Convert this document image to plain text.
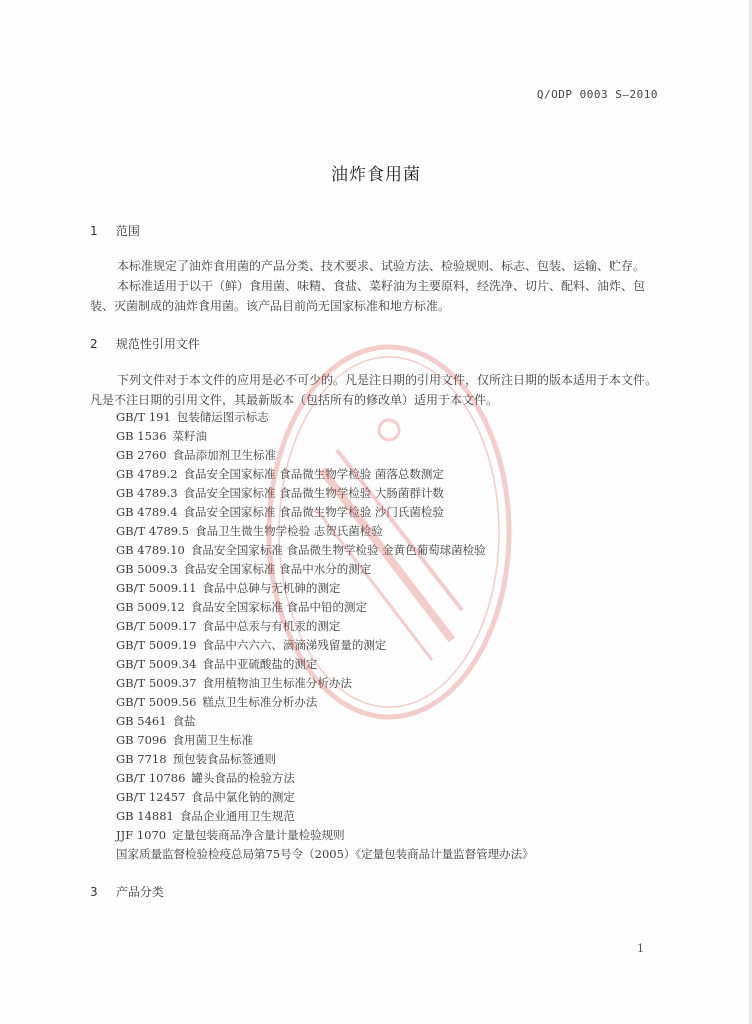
Q/ODP 0003 S—2010
油炸食用菌
1 范围

本标准规定了油炸食用菌的产品分类、技术要求、试验方法、检验规则、标志、包装、运输、贮存。

本标准适用于以干（鲜）食用菌、味精、食盐、菜籽油为主要原料，经洗净、切片、配料、油炸、包装、灭菌制成的油炸食用菌。该产品目前尚无国家标准和地方标准。

2 规范性引用文件

下列文件对于本文件的应用是必不可少的。凡是注日期的引用文件，仅所注日期的版本适用于本文件。凡是不注日期的引用文件，其最新版本（包括所有的修改单）适用于本文件。

GB/T 191 包装储运图示标志
GB 1536 菜籽油
GB 2760 食品添加剂卫生标准
GB 4789.2 食品安全国家标准 食品微生物学检验 菌落总数测定
GB 4789.3 食品安全国家标准 食品微生物学检验 大肠菌群计数
GB 4789.4 食品安全国家标准 食品微生物学检验 沙门氏菌检验
GB/T 4789.5 食品卫生微生物学检验 志贺氏菌检验
GB 4789.10 食品安全国家标准 食品微生物学检验 金黄色葡萄球菌检验
GB 5009.3 食品安全国家标准 食品中水分的测定
GB/T 5009.11 食品中总砷与无机砷的测定
GB 5009.12 食品安全国家标准 食品中铅的测定
GB/T 5009.17 食品中总汞与有机汞的测定
GB/T 5009.19 食品中六六六、滴滴涕残留量的测定
GB/T 5009.34 食品中亚硫酸盐的测定
GB/T 5009.37 食用植物油卫生标准分析办法
GB/T 5009.56 糕点卫生标准分析办法
GB 5461 食盐
GB 7096 食用菌卫生标准
GB 7718 预包装食品标签通则
GB/T 10786 罐头食品的检验方法
GB/T 12457 食品中氯化钠的测定
GB 14881 食品企业通用卫生规范
JJF 1070 定量包装商品净含量计量检验规则
国家质量监督检验检疫总局第75号令（2005）《定量包装商品计量监督管理办法》
3 产品分类
1
